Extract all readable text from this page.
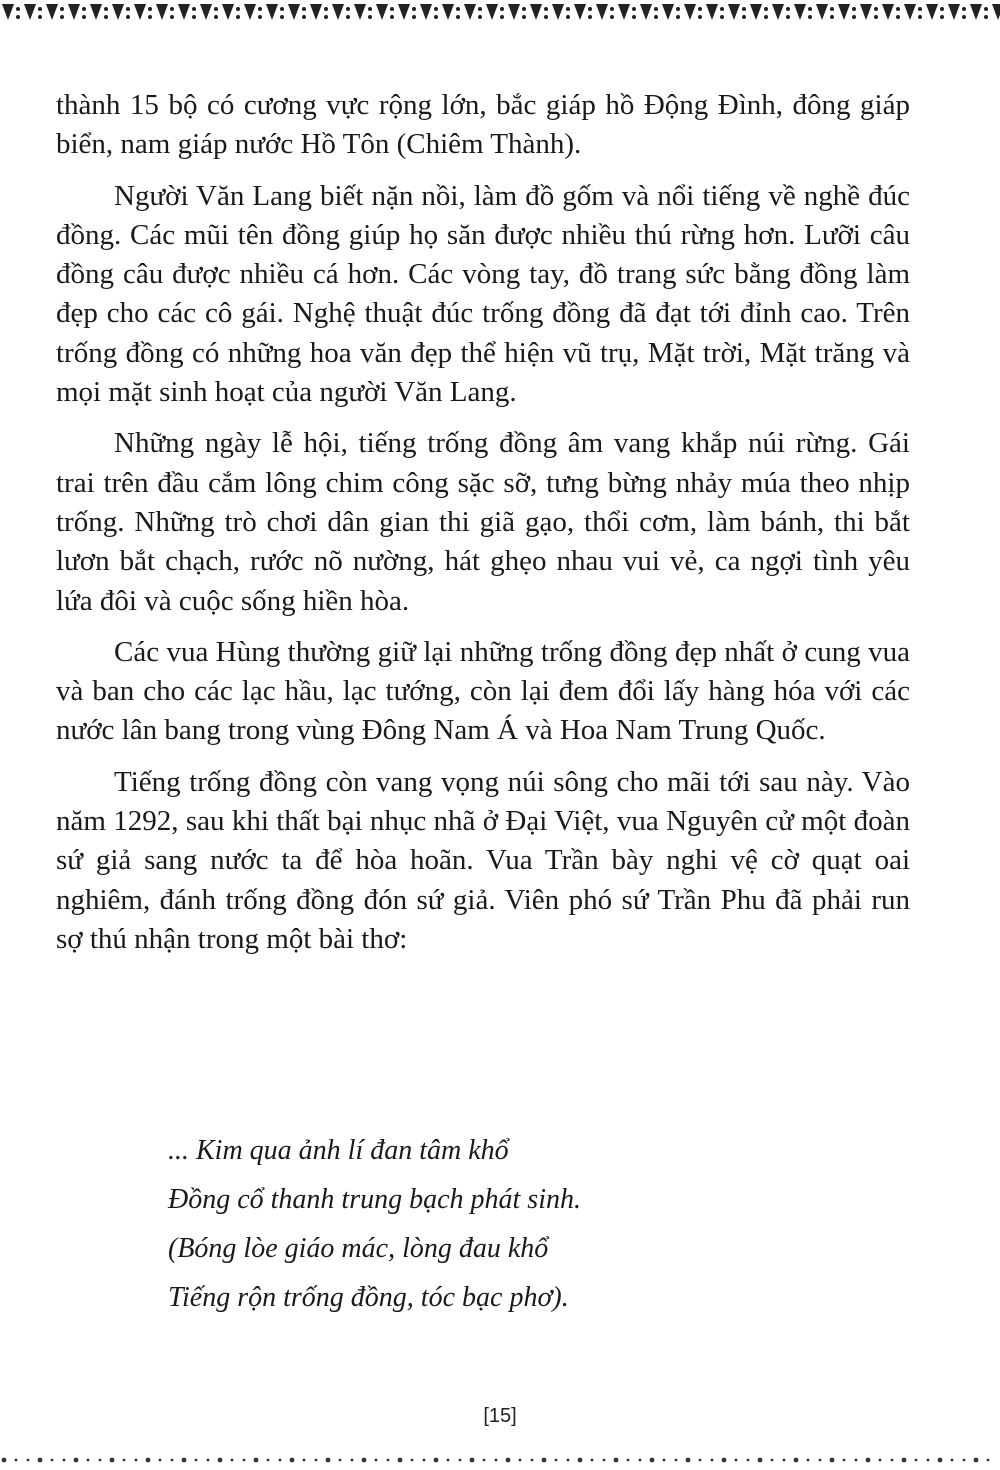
thành 15 bộ có cương vực rộng lớn, bắc giáp hồ Động Đình, đông giáp biển, nam giáp nước Hồ Tôn (Chiêm Thành).

Người Văn Lang biết nặn nồi, làm đồ gốm và nổi tiếng về nghề đúc đồng. Các mũi tên đồng giúp họ săn được nhiều thú rừng hơn. Lưỡi câu đồng câu được nhiều cá hơn. Các vòng tay, đồ trang sức bằng đồng làm đẹp cho các cô gái. Nghệ thuật đúc trống đồng đã đạt tới đỉnh cao. Trên trống đồng có những hoa văn đẹp thể hiện vũ trụ, Mặt trời, Mặt trăng và mọi mặt sinh hoạt của người Văn Lang.

Những ngày lễ hội, tiếng trống đồng âm vang khắp núi rừng. Gái trai trên đầu cắm lông chim công sặc sỡ, tưng bừng nhảy múa theo nhịp trống. Những trò chơi dân gian thi giã gạo, thổi cơm, làm bánh, thi bắt lươn bắt chạch, rước nõ nường, hát ghẹo nhau vui vẻ, ca ngợi tình yêu lứa đôi và cuộc sống hiền hòa.

Các vua Hùng thường giữ lại những trống đồng đẹp nhất ở cung vua và ban cho các lạc hầu, lạc tướng, còn lại đem đổi lấy hàng hóa với các nước lân bang trong vùng Đông Nam Á và Hoa Nam Trung Quốc.

Tiếng trống đồng còn vang vọng núi sông cho mãi tới sau này. Vào năm 1292, sau khi thất bại nhục nhã ở Đại Việt, vua Nguyên cử một đoàn sứ giả sang nước ta để hòa hoãn. Vua Trần bày nghi vệ cờ quạt oai nghiêm, đánh trống đồng đón sứ giả. Viên phó sứ Trần Phu đã phải run sợ thú nhận trong một bài thơ:

... Kim qua ảnh lí đan tâm khổ
Đồng cổ thanh trung bạch phát sinh.
(Bóng lòe giáo mác, lòng đau khổ
Tiếng rộn trống đồng, tóc bạc phơ).
[15]
